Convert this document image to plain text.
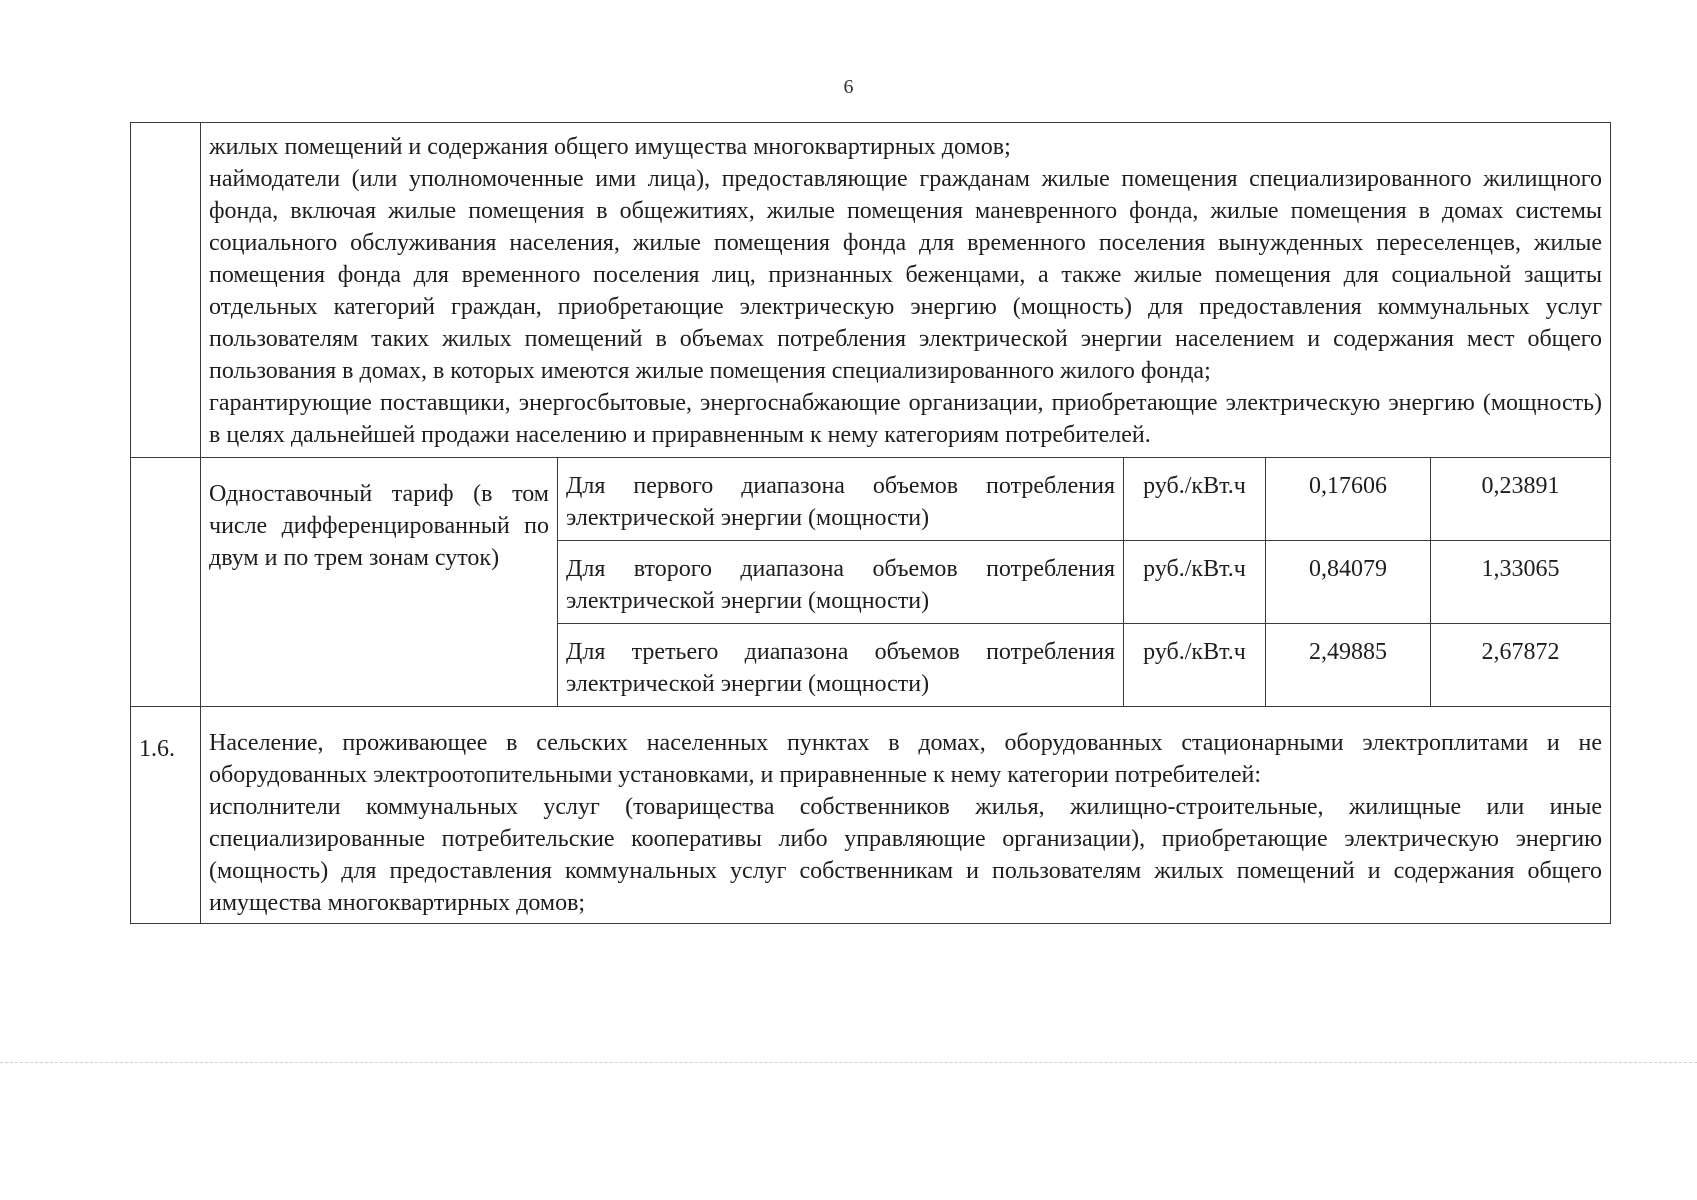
6

	жилых помещений и содержания общего имущества многоквартирных домов;
наймодатели (или уполномоченные ими лица), предоставляющие гражданам жилые помещения специализированного жилищного фонда, включая жилые помещения в общежитиях, жилые помещения маневренного фонда, жилые помещения в домах системы социального обслуживания населения, жилые помещения фонда для временного поселения вынужденных переселенцев, жилые помещения фонда для временного поселения лиц, признанных беженцами, а также жилые помещения для социальной защиты отдельных категорий граждан, приобретающие электрическую энергию (мощность) для предоставления коммунальных услуг пользователям таких жилых помещений в объемах потребления электрической энергии населением и содержания мест общего пользования в домах, в которых имеются жилые помещения специализированного жилого фонда;
гарантирующие поставщики, энергосбытовые, энергоснабжающие организации, приобретающие электрическую энергию (мощность) в целях дальнейшей продажи населению и приравненным к нему категориям потребителей.				

	Одноставочный тариф (в том числе дифференцированный по двум и по трем зонам суток)	Для первого диапазона объемов потребления электрической энергии (мощности)	руб./кВт.ч	0,17606	0,23891
		Для второго диапазона объемов потребления электрической энергии (мощности)	руб./кВт.ч	0,84079	1,33065
		Для третьего диапазона объемов потребления электрической энергии (мощности)	руб./кВт.ч	2,49885	2,67872
1.6.	Население, проживающее в сельских населенных пунктах в домах, оборудованных стационарными электроплитами и не оборудованных электроотопительными установками, и приравненные к нему категории потребителей:
исполнители коммунальных услуг (товарищества собственников жилья, жилищно-строительные, жилищные или иные специализированные потребительские кооперативы либо управляющие организации), приобретающие электрическую энергию (мощность) для предоставления коммунальных услуг собственникам и пользователям жилых помещений и содержания общего имущества многоквартирных домов;				
